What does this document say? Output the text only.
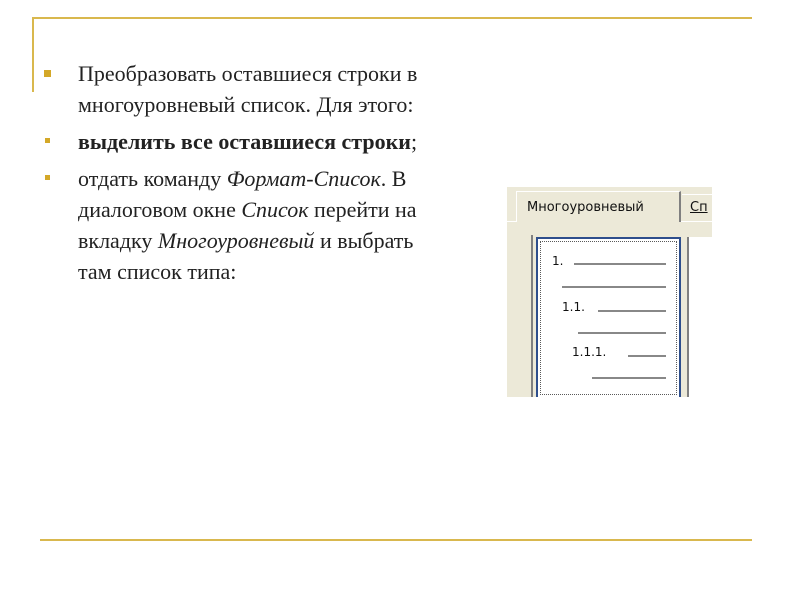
Преобразовать оставшиеся строки в многоуровневый список. Для этого:
выделить все оставшиеся строки;
отдать команду Формат-Список. В диалоговом окне Список перейти на вкладку Многоуровневый и выбрать там список типа:
Многоуровневый	Сп
1.
1.1.
1.1.1.
